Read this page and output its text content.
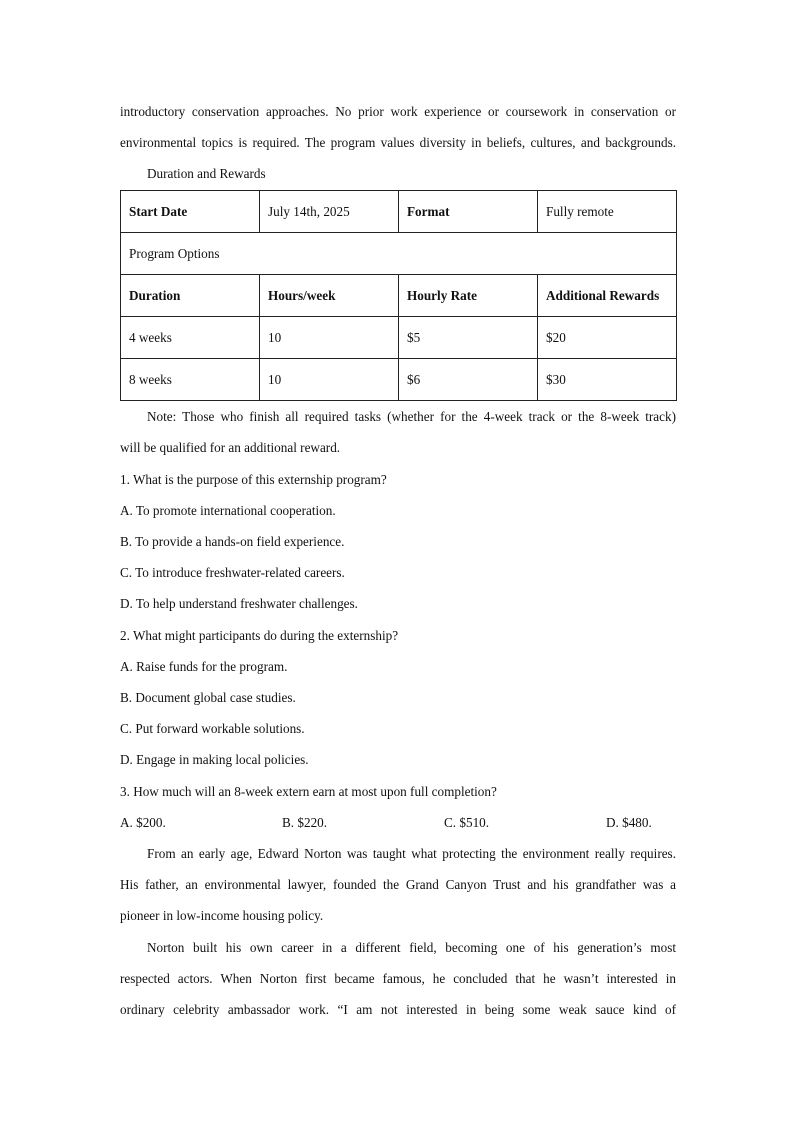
introductory conservation approaches. No prior work experience or coursework in conservation or
environmental topics is required. The program values diversity in beliefs, cultures, and backgrounds.
Duration and Rewards
Start Date	July 14th, 2025	Format	Fully remote
Program Options			
Duration	Hours/week	Hourly Rate	Additional Rewards
4 weeks	10	$5	$20
8 weeks	10	$6	$30
Note: Those who finish all required tasks (whether for the 4-week track or the 8-week track)
will be qualified for an additional reward.
1. What is the purpose of this externship program?
A. To promote international cooperation.
B. To provide a hands-on field experience.
C. To introduce freshwater-related careers.
D. To help understand freshwater challenges.
2. What might participants do during the externship?
A. Raise funds for the program.
B. Document global case studies.
C. Put forward workable solutions.
D. Engage in making local policies.
3. How much will an 8-week extern earn at most upon full completion?
A. $200.	B. $220.	C. $510.	D. $480.
From an early age, Edward Norton was taught what protecting the environment really requires.
His father, an environmental lawyer, founded the Grand Canyon Trust and his grandfather was a
pioneer in low-income housing policy.
Norton built his own career in a different field, becoming one of his generation’s most
respected actors. When Norton first became famous, he concluded that he wasn’t interested in
ordinary celebrity ambassador work. “I am not interested in being some weak sauce kind of
